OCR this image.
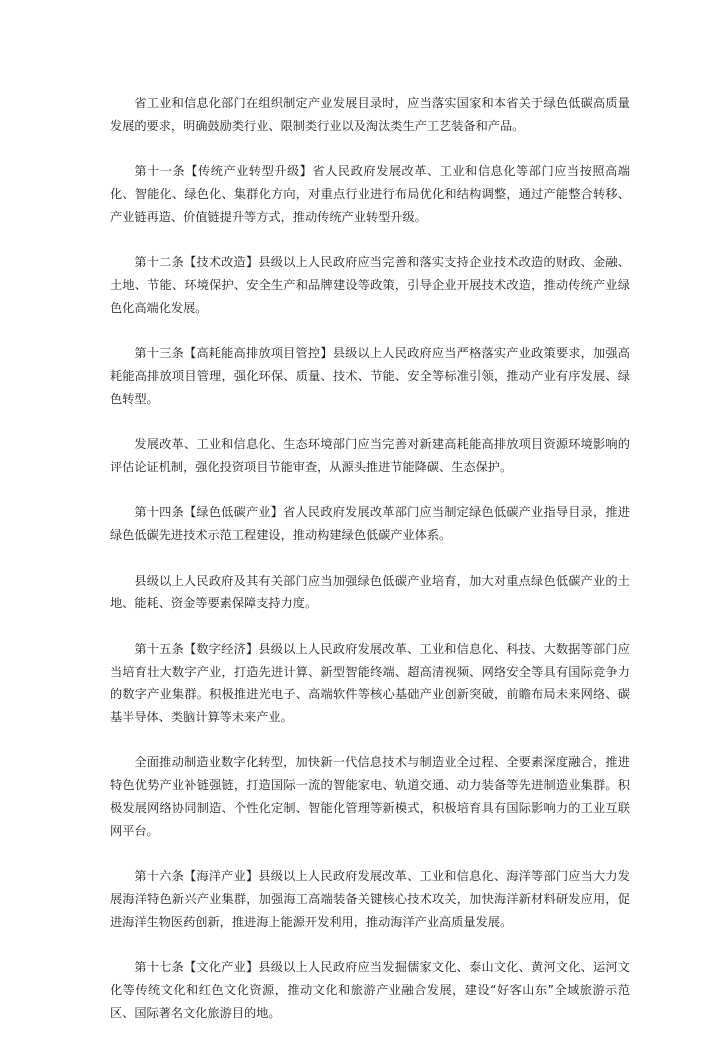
省工业和信息化部门在组织制定产业发展目录时，应当落实国家和本省关于绿色低碳高质量发展的要求，明确鼓励类行业、限制类行业以及淘汰类生产工艺装备和产品。

第十一条【传统产业转型升级】省人民政府发展改革、工业和信息化等部门应当按照高端化、智能化、绿色化、集群化方向，对重点行业进行布局优化和结构调整，通过产能整合转移、产业链再造、价值链提升等方式，推动传统产业转型升级。

第十二条【技术改造】县级以上人民政府应当完善和落实支持企业技术改造的财政、金融、土地、节能、环境保护、安全生产和品牌建设等政策，引导企业开展技术改造，推动传统产业绿色化高端化发展。

第十三条【高耗能高排放项目管控】县级以上人民政府应当严格落实产业政策要求，加强高耗能高排放项目管理，强化环保、质量、技术、节能、安全等标准引领，推动产业有序发展、绿色转型。

发展改革、工业和信息化、生态环境部门应当完善对新建高耗能高排放项目资源环境影响的评估论证机制，强化投资项目节能审查，从源头推进节能降碳、生态保护。

第十四条【绿色低碳产业】省人民政府发展改革部门应当制定绿色低碳产业指导目录，推进绿色低碳先进技术示范工程建设，推动构建绿色低碳产业体系。

县级以上人民政府及其有关部门应当加强绿色低碳产业培育，加大对重点绿色低碳产业的土地、能耗、资金等要素保障支持力度。

第十五条【数字经济】县级以上人民政府发展改革、工业和信息化、科技、大数据等部门应当培育壮大数字产业，打造先进计算、新型智能终端、超高清视频、网络安全等具有国际竞争力的数字产业集群。积极推进光电子、高端软件等核心基础产业创新突破，前瞻布局未来网络、碳基半导体、类脑计算等未来产业。

全面推动制造业数字化转型，加快新一代信息技术与制造业全过程、全要素深度融合，推进特色优势产业补链强链，打造国际一流的智能家电、轨道交通、动力装备等先进制造业集群。积极发展网络协同制造、个性化定制、智能化管理等新模式，积极培育具有国际影响力的工业互联网平台。

第十六条【海洋产业】县级以上人民政府发展改革、工业和信息化、海洋等部门应当大力发展海洋特色新兴产业集群，加强海工高端装备关键核心技术攻关，加快海洋新材料研发应用，促进海洋生物医药创新，推进海上能源开发利用，推动海洋产业高质量发展。

第十七条【文化产业】县级以上人民政府应当发掘儒家文化、泰山文化、黄河文化、运河文化等传统文化和红色文化资源，推动文化和旅游产业融合发展，建设“好客山东”全域旅游示范区、国际著名文化旅游目的地。
